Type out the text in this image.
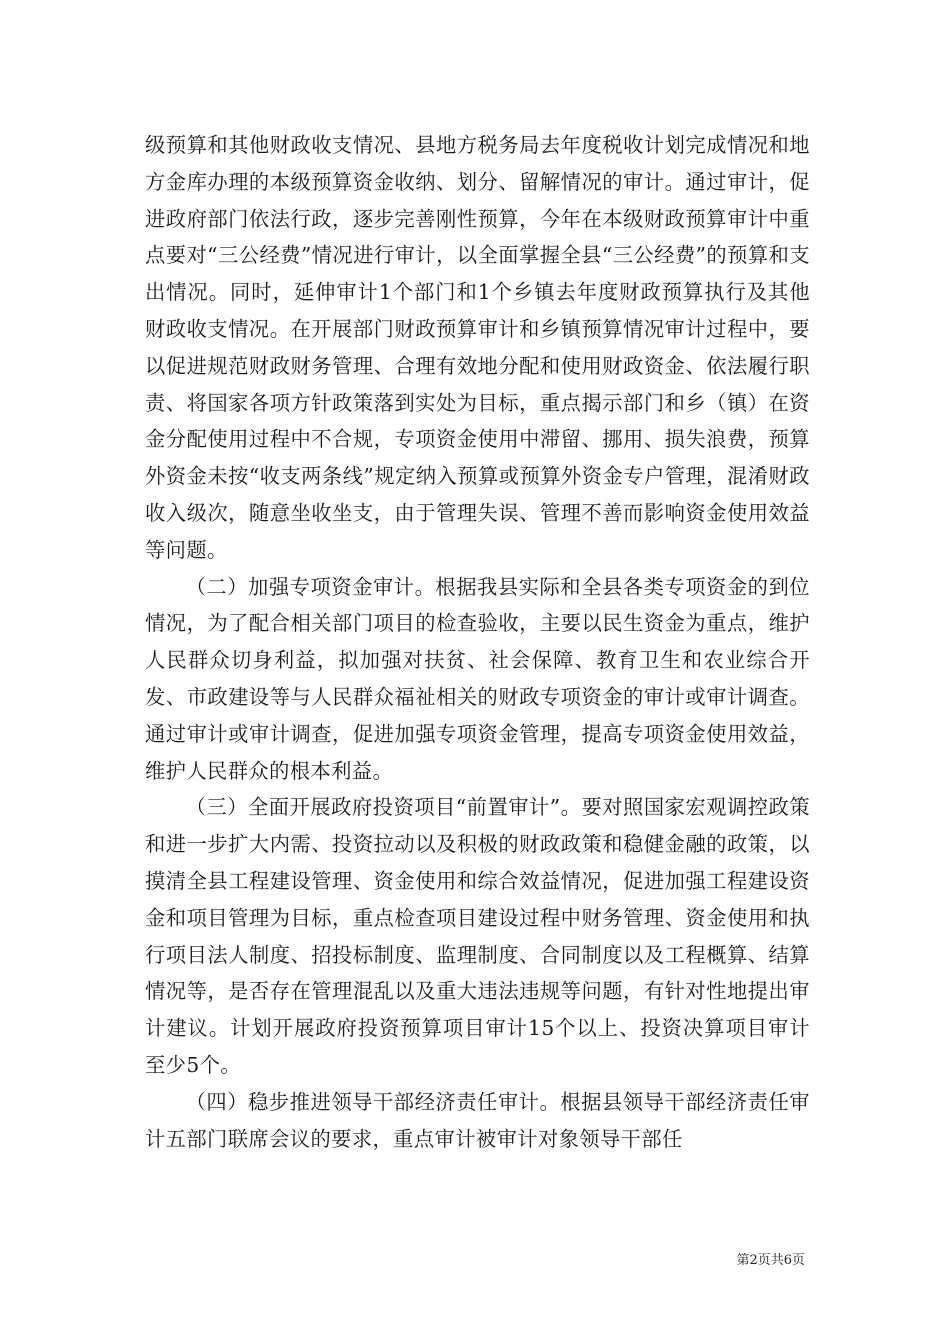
级预算和其他财政收支情况、县地方税务局去年度税收计划完成情况和地方金库办理的本级预算资金收纳、划分、留解情况的审计。通过审计，促进政府部门依法行政，逐步完善刚性预算，今年在本级财政预算审计中重点要对“三公经费”情况进行审计，以全面掌握全县“三公经费”的预算和支出情况。同时，延伸审计1个部门和1个乡镇去年度财政预算执行及其他财政收支情况。在开展部门财政预算审计和乡镇预算情况审计过程中，要以促进规范财政财务管理、合理有效地分配和使用财政资金、依法履行职责、将国家各项方针政策落到实处为目标，重点揭示部门和乡（镇）在资金分配使用过程中不合规，专项资金使用中滞留、挪用、损失浪费，预算外资金未按“收支两条线”规定纳入预算或预算外资金专户管理，混淆财政收入级次，随意坐收坐支，由于管理失误、管理不善而影响资金使用效益等问题。

（二）加强专项资金审计。根据我县实际和全县各类专项资金的到位情况，为了配合相关部门项目的检查验收，主要以民生资金为重点，维护人民群众切身利益，拟加强对扶贫、社会保障、教育卫生和农业综合开发、市政建设等与人民群众福祉相关的财政专项资金的审计或审计调查。通过审计或审计调查，促进加强专项资金管理，提高专项资金使用效益，维护人民群众的根本利益。

（三）全面开展政府投资项目“前置审计”。要对照国家宏观调控政策和进一步扩大内需、投资拉动以及积极的财政政策和稳健金融的政策，以摸清全县工程建设管理、资金使用和综合效益情况，促进加强工程建设资金和项目管理为目标，重点检查项目建设过程中财务管理、资金使用和执行项目法人制度、招投标制度、监理制度、合同制度以及工程概算、结算情况等，是否存在管理混乱以及重大违法违规等问题，有针对性地提出审计建议。计划开展政府投资预算项目审计15个以上、投资决算项目审计至少5个。

（四）稳步推进领导干部经济责任审计。根据县领导干部经济责任审计五部门联席会议的要求，重点审计被审计对象领导干部任

第2页共6页
